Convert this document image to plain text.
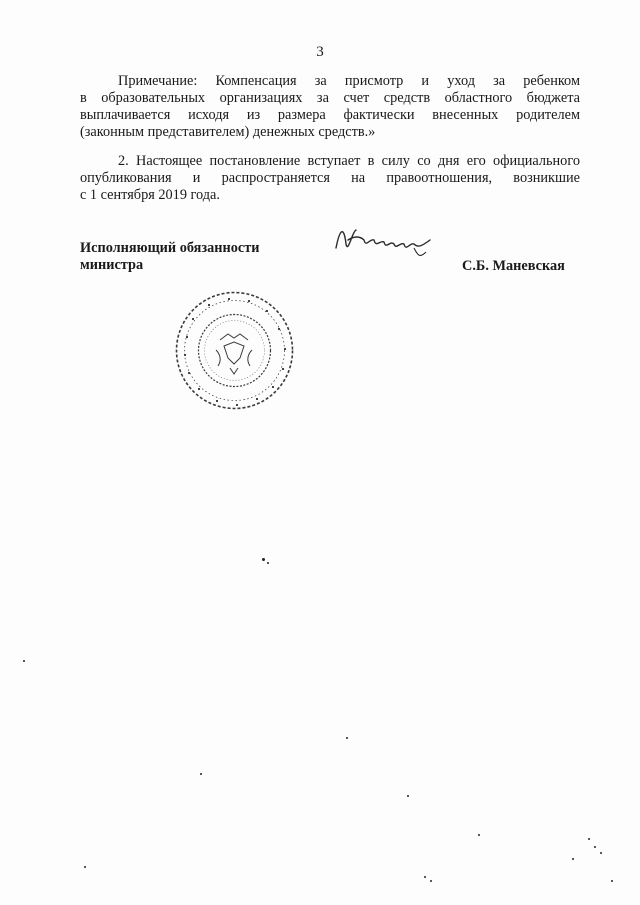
3
Примечание: Компенсация за присмотр и уход за ребенком
в образовательных организациях за счет средств областного бюджета
выплачивается исходя из размера фактически внесенных родителем
(законным представителем) денежных средств.»
2. Настоящее постановление вступает в силу со дня его официального
опубликования и распространяется на правоотношения, возникшие
с 1 сентября 2019 года.
Исполняющий обязанности
министра	С.Б. Маневская
